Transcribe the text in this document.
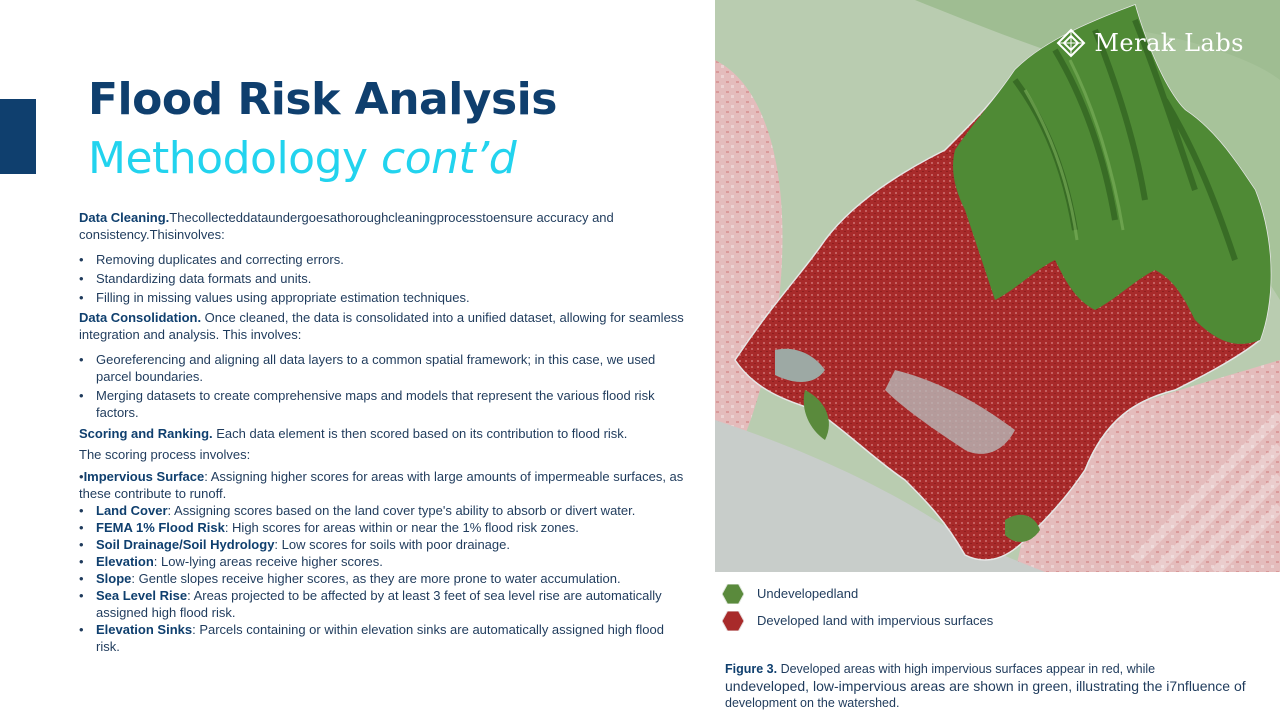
Flood Risk Analysis
Methodology cont’d

Data Cleaning.Thecollecteddataundergoesathoroughcleaningprocesstoensure accuracy and consistency.Thisinvolves:

• Removing duplicates and correcting errors.
• Standardizing data formats and units.
• Filling in missing values using appropriate estimation techniques.

Data Consolidation. Once cleaned, the data is consolidated into a unified dataset, allowing for seamless integration and analysis. This involves:

• Georeferencing and aligning all data layers to a common spatial framework; in this case, we used parcel boundaries.
• Merging datasets to create comprehensive maps and models that represent the various flood risk factors.

Scoring and Ranking. Each data element is then scored based on its contribution to flood risk.

The scoring process involves:

•Impervious Surface: Assigning higher scores for areas with large amounts of impermeable surfaces, as these contribute to runoff.
• Land Cover: Assigning scores based on the land cover type's ability to absorb or divert water.
• FEMA 1% Flood Risk: High scores for areas within or near the 1% flood risk zones.
• Soil Drainage/Soil Hydrology: Low scores for soils with poor drainage.
• Elevation: Low-lying areas receive higher scores.
• Slope: Gentle slopes receive higher scores, as they are more prone to water accumulation.
• Sea Level Rise: Areas projected to be affected by at least 3 feet of sea level rise are automatically assigned high flood risk.
• Elevation Sinks: Parcels containing or within elevation sinks are automatically assigned high flood risk.
Merak Labs
Undevelopedland
Developed land with impervious surfaces
Figure 3. Developed areas with high impervious surfaces appear in red, while
undeveloped, low-impervious areas are shown in green, illustrating the i7nfluence of
development on the watershed.
